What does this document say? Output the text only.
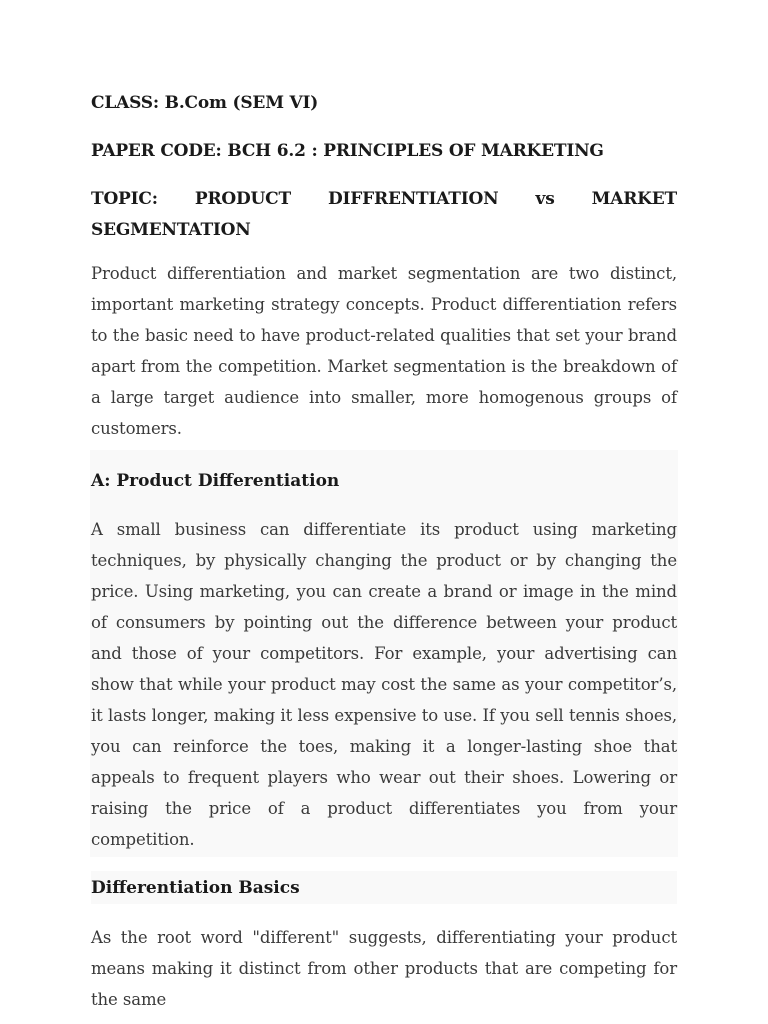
CLASS: B.Com (SEM VI)

PAPER CODE: BCH 6.2 : PRINCIPLES OF MARKETING

TOPIC: PRODUCT DIFFRENTIATION vs MARKET
SEGMENTATION

Product differentiation and market segmentation are two distinct, important marketing strategy concepts. Product differentiation refers to the basic need to have product-related qualities that set your brand apart from the competition. Market segmentation is the breakdown of a large target audience into smaller, more homogenous groups of customers.

A: Product Differentiation

A small business can differentiate its product using marketing techniques, by physically changing the product or by changing the price. Using marketing, you can create a brand or image in the mind of consumers by pointing out the difference between your product and those of your competitors. For example, your advertising can show that while your product may cost the same as your competitor’s, it lasts longer, making it less expensive to use. If you sell tennis shoes, you can reinforce the toes, making it a longer-lasting shoe that appeals to frequent players who wear out their shoes. Lowering or raising the price of a product differentiates you from your competition.

Differentiation Basics

As the root word "different" suggests, differentiating your product means making it distinct from other products that are competing for the same
